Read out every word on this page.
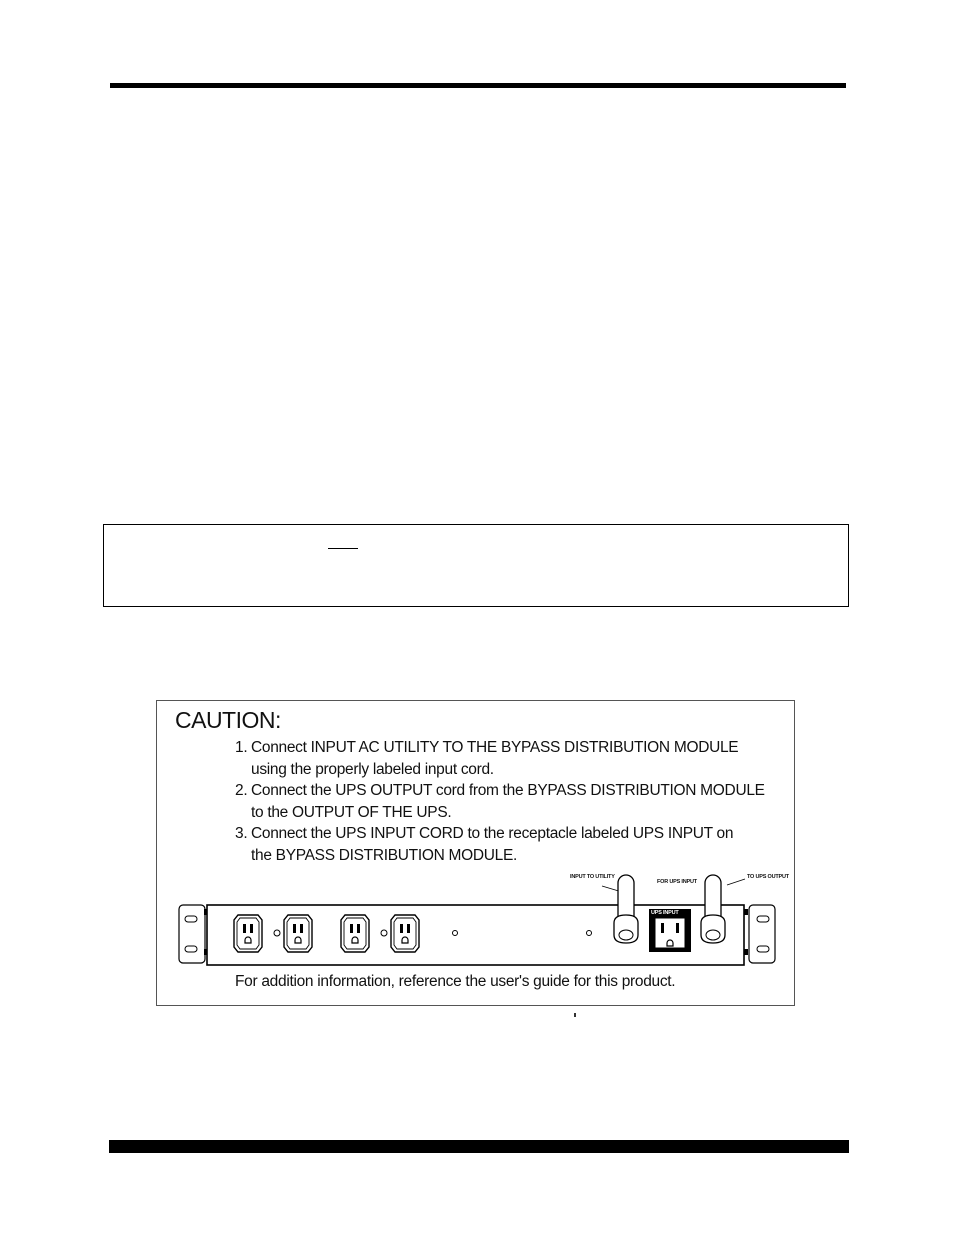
CAUTION:
1. Connect INPUT AC UTILITY TO THE BYPASS DISTRIBUTION MODULE
using the properly labeled input cord.
2. Connect the UPS OUTPUT cord from the BYPASS DISTRIBUTION MODULE
to the OUTPUT OF THE UPS.
3. Connect the UPS INPUT CORD to the receptacle labeled UPS INPUT on
the BYPASS DISTRIBUTION MODULE.
INPUT TO UTILITY
FOR UPS INPUT
TO UPS OUTPUT
UPS INPUT
For addition information, reference the user's guide for this product.
